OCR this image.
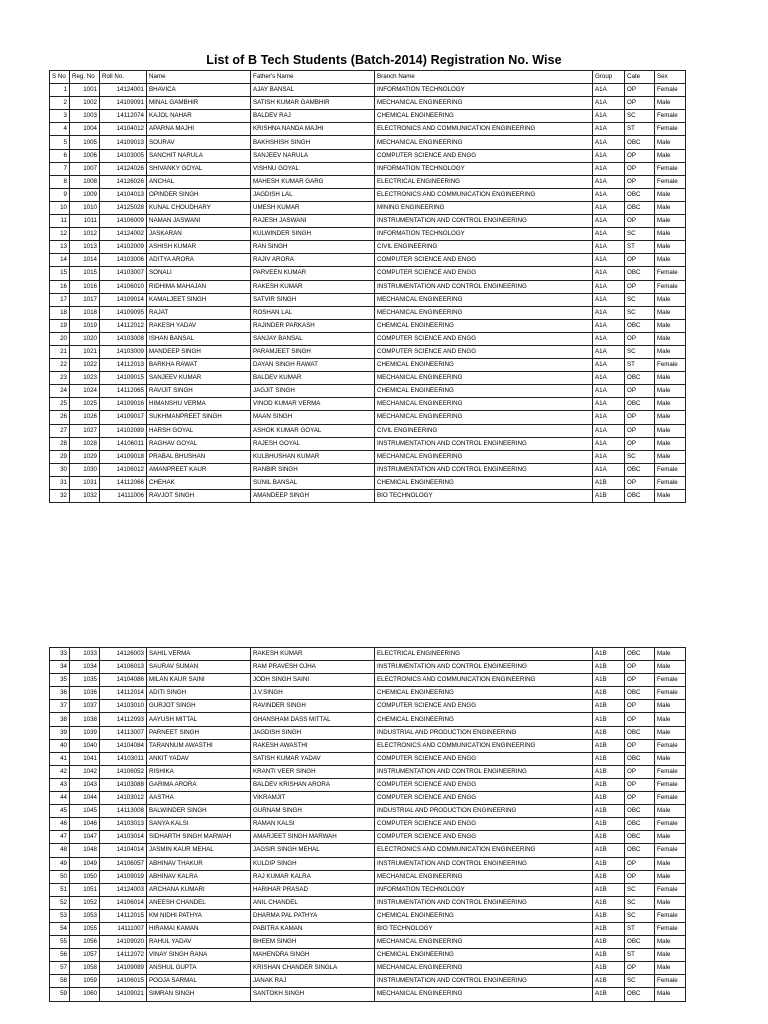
List of B Tech Students (Batch-2014) Registration No. Wise
S No	Reg. No	Roll No.	Name	Father's Name	Branch Name	Group	Cate	Sex
1	1001	14124001	BHAVICA	AJAY BANSAL	INFORMATION TECHNOLOGY	A1A	OP	Female
2	1002	14109091	MINAL GAMBHIR	SATISH KUMAR GAMBHIR	MECHANICAL ENGINEERING	A1A	OP	Male
3	1003	14112074	KAJOL NAHAR	BALDEV RAJ	CHEMICAL ENGINEERING	A1A	SC	Female
4	1004	14104012	APARNA MAJHI	KRISHNA NANDA MAJHI	ELECTRONICS AND COMMUNICATION ENGINEERING	A1A	ST	Female
5	1005	14109013	SOURAV	BAKHSHISH SINGH	MECHANICAL ENGINEERING	A1A	OBC	Male
6	1006	14103005	SANCHIT NARULA	SANJEEV NARULA	COMPUTER SCIENCE AND ENGG	A1A	OP	Male
7	1007	14124026	SHIVANKY GOYAL	VISHNU GOYAL	INFORMATION TECHNOLOGY	A1A	OP	Female
8	1008	14126026	ANCHAL	MAHESH KUMAR GARG	ELECTRICAL ENGINEERING	A1A	OP	Female
9	1009	14104013	OPINDER SINGH	JAGDISH LAL	ELECTRONICS AND COMMUNICATION ENGINEERING	A1A	OBC	Male
10	1010	14125028	KUNAL CHOUDHARY	UMESH KUMAR	MINING ENGINEERING	A1A	OBC	Male
11	1011	14106009	NAMAN JASWANI	RAJESH JASWANI	INSTRUMENTATION AND CONTROL ENGINEERING	A1A	OP	Male
12	1012	14124002	JASKARAN	KULWINDER SINGH	INFORMATION TECHNOLOGY	A1A	SC	Male
13	1013	14102009	ASHISH KUMAR	RAN SINGH	CIVIL ENGINEERING	A1A	ST	Male
14	1014	14103006	ADITYA ARORA	RAJIV ARORA	COMPUTER SCIENCE AND ENGG	A1A	OP	Male
15	1015	14103007	SONALI	PARVEEN KUMAR	COMPUTER SCIENCE AND ENGG	A1A	OBC	Female
16	1016	14106010	RIDHIMA MAHAJAN	RAKESH KUMAR	INSTRUMENTATION AND CONTROL ENGINEERING	A1A	OP	Female
17	1017	14109014	KAMALJEET SINGH	SATVIR SINGH	MECHANICAL ENGINEERING	A1A	SC	Male
18	1018	14109095	RAJAT	ROSHAN LAL	MECHANICAL ENGINEERING	A1A	SC	Male
19	1019	14112012	RAKESH YADAV	RAJINDER PARKASH	CHEMICAL ENGINEERING	A1A	OBC	Male
20	1020	14103008	ISHAN BANSAL	SANJAY BANSAL	COMPUTER SCIENCE AND ENGG	A1A	OP	Male
21	1021	14103009	MANDEEP SINGH	PARAMJEET SINGH	COMPUTER SCIENCE AND ENGG	A1A	SC	Male
22	1022	14112013	BARKHA RAWAT	DAYAN SINGH RAWAT	CHEMICAL ENGINEERING	A1A	ST	Female
23	1023	14109015	SANJEEV KUMAR	BALDEV KUMAR	MECHANICAL ENGINEERING	A1A	OBC	Male
24	1024	14112065	RAVIJIT SINGH	JAGJIT SINGH	CHEMICAL ENGINEERING	A1A	OP	Male
25	1025	14109016	HIMANSHU VERMA	VINOD KUMAR VERMA	MECHANICAL ENGINEERING	A1A	OBC	Male
26	1026	14109017	SUKHMANPREET SINGH	MAAN SINGH	MECHANICAL ENGINEERING	A1A	OP	Male
27	1027	14102089	HARSH GOYAL	ASHOK KUMAR GOYAL	CIVIL ENGINEERING	A1A	OP	Male
28	1028	14106011	RAGHAV GOYAL	RAJESH GOYAL	INSTRUMENTATION AND CONTROL ENGINEERING	A1A	OP	Male
29	1029	14109018	PRABAL BHUSHAN	KULBHUSHAN KUMAR	MECHANICAL ENGINEERING	A1A	SC	Male
30	1030	14106012	AMANPREET KAUR	RANBIR SINGH	INSTRUMENTATION AND CONTROL ENGINEERING	A1A	OBC	Female
31	1031	14112066	CHEHAK	SUNIL BANSAL	CHEMICAL ENGINEERING	A1B	OP	Female
32	1032	14111006	RAVJOT SINGH	AMANDEEP SINGH	BIO TECHNOLOGY	A1B	OBC	Male
33	1033	14126003	SAHIL VERMA	RAKESH KUMAR	ELECTRICAL ENGINEERING	A1B	OBC	Male
34	1034	14106013	SAURAV SUMAN	RAM PRAVESH OJHA	INSTRUMENTATION AND CONTROL ENGINEERING	A1B	OP	Male
35	1035	14104086	MILAN KAUR SAINI	JODH SINGH SAINI	ELECTRONICS AND COMMUNICATION ENGINEERING	A1B	OP	Female
36	1036	14112014	ADITI SINGH	J.V.SINGH	CHEMICAL ENGINEERING	A1B	OBC	Female
37	1037	14103010	GURJOT SINGH	RAVINDER SINGH	COMPUTER SCIENCE AND ENGG	A1B	OP	Male
38	1038	14112093	AAYUSH MITTAL	GHANSHAM DASS MITTAL	CHEMICAL ENGINEERING	A1B	OP	Male
39	1039	14113007	PARNEET SINGH	JAGDISH SINGH	INDUSTRIAL AND PRODUCTION ENGINEERING	A1B	OBC	Male
40	1040	14104084	TARANNUM AWASTHI	RAKESH AWASTHI	ELECTRONICS AND COMMUNICATION ENGINEERING	A1B	OP	Female
41	1041	14103011	ANKIT YADAV	SATISH KUMAR YADAV	COMPUTER SCIENCE AND ENGG	A1B	OBC	Male
42	1042	14106052	RISHIKA	KRANTI VEER SINGH	INSTRUMENTATION AND CONTROL ENGINEERING	A1B	OP	Female
43	1043	14103088	GARIMA ARORA	BALDEV KRISHAN ARORA	COMPUTER SCIENCE AND ENGG	A1B	OP	Female
44	1044	14103012	AASTHA	VIKRAMJIT	COMPUTER SCIENCE AND ENGG	A1B	OP	Female
45	1045	14113008	BALWINDER SINGH	GURNAM SINGH	INDUSTRIAL AND PRODUCTION ENGINEERING	A1B	OBC	Male
46	1046	14103013	SANYA KALSI	RAMAN KALSI	COMPUTER SCIENCE AND ENGG	A1B	OBC	Female
47	1047	14103014	SIDHARTH SINGH MARWAH	AMARJEET SINGH MARWAH	COMPUTER SCIENCE AND ENGG	A1B	OBC	Male
48	1048	14104014	JASMIN KAUR MEHAL	JAGSIR SINGH MEHAL	ELECTRONICS AND COMMUNICATION ENGINEERING	A1B	OBC	Female
49	1049	14106057	ABHINAV THAKUR	KULDIP SINGH	INSTRUMENTATION AND CONTROL ENGINEERING	A1B	OP	Male
50	1050	14109019	ABHINAV KALRA	RAJ KUMAR KALRA	MECHANICAL ENGINEERING	A1B	OP	Male
51	1051	14124003	ARCHANA KUMARI	HARIHAR PRASAD	INFORMATION TECHNOLOGY	A1B	SC	Female
52	1052	14106014	ANEESH CHANDEL	ANIL CHANDEL	INSTRUMENTATION AND CONTROL ENGINEERING	A1B	SC	Male
53	1053	14112015	KM NIDHI PATHYA	DHARMA PAL PATHYA	CHEMICAL ENGINEERING	A1B	SC	Female
54	1055	14111007	HIRAMAI KAMAN	PABITRA KAMAN	BIO TECHNOLOGY	A1B	ST	Female
55	1056	14109020	RAHUL YADAV	BHEEM SINGH	MECHANICAL ENGINEERING	A1B	OBC	Male
56	1057	14112072	VINAY SINGH RANA	MAHENDRA SINGH	CHEMICAL ENGINEERING	A1B	ST	Male
57	1058	14109089	ANSHUL GUPTA	KRISHAN CHANDER SINGLA	MECHANICAL ENGINEERING	A1B	OP	Male
58	1059	14106015	POOJA SARMAL	JANAK RAJ	INSTRUMENTATION AND CONTROL ENGINEERING	A1B	SC	Female
59	1060	14109021	SIMRAN SINGH	SANTOKH SINGH	MECHANICAL ENGINEERING	A1B	OBC	Male
